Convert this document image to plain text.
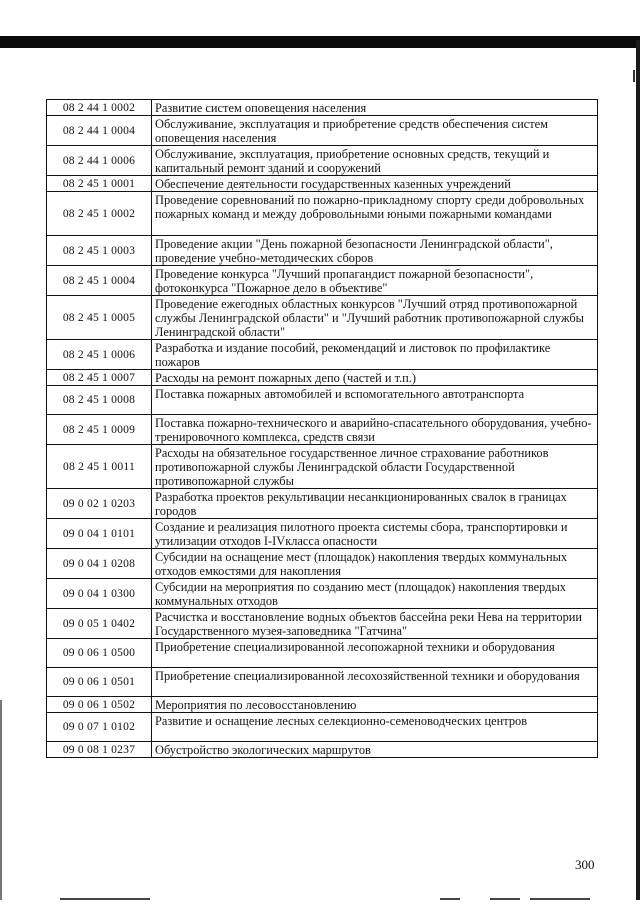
08 2 44 1 0002	Развитие систем оповещения населения
08 2 44 1 0004	Обслуживание, эксплуатация и приобретение средств обеспечения систем оповещения населения
08 2 44 1 0006	Обслуживание, эксплуатация, приобретение основных средств, текущий и капитальный ремонт зданий и сооружений
08 2 45 1 0001	Обеспечение деятельности государственных казенных учреждений
08 2 45 1 0002	Проведение соревнований по пожарно-прикладному спорту среди добровольных пожарных команд и между добровольными юными пожарными командами
08 2 45 1 0003	Проведение акции "День пожарной безопасности Ленинградской области", проведение учебно-методических сборов
08 2 45 1 0004	Проведение конкурса "Лучший пропагандист пожарной безопасности", фотоконкурса "Пожарное дело в объективе"
08 2 45 1 0005	Проведение ежегодных областных конкурсов "Лучший отряд противопожарной службы Ленинградской области" и "Лучший работник противопожарной службы Ленинградской области"
08 2 45 1 0006	Разработка и издание пособий, рекомендаций и листовок по профилактике пожаров
08 2 45 1 0007	Расходы на ремонт пожарных депо (частей и т.п.)
08 2 45 1 0008	Поставка пожарных автомобилей и вспомогательного автотранспорта
08 2 45 1 0009	Поставка пожарно-технического и аварийно-спасательного оборудования, учебно-тренировочного комплекса, средств связи
08 2 45 1 0011	Расходы на обязательное государственное личное страхование работников противопожарной службы Ленинградской области Государственной противопожарной службы
09 0 02 1 0203	Разработка проектов рекультивации несанкционированных свалок в границах городов
09 0 04 1 0101	Создание и реализация пилотного проекта системы сбора, транспортировки и утилизации отходов I-IVкласса опасности
09 0 04 1 0208	Субсидии на оснащение мест (площадок) накопления твердых коммунальных отходов емкостями для накопления
09 0 04 1 0300	Субсидии на мероприятия по созданию мест (площадок) накопления твердых коммунальных отходов
09 0 05 1 0402	Расчистка и восстановление водных объектов бассейна реки Нева на территории Государственного музея-заповедника "Гатчина"
09 0 06 1 0500	Приобретение специализированной лесопожарной техники и оборудования
09 0 06 1 0501	Приобретение специализированной лесохозяйственной техники и оборудования
09 0 06 1 0502	Мероприятия по лесовосстановлению
09 0 07 1 0102	Развитие и оснащение лесных селекционно-семеноводческих центров
09 0 08 1 0237	Обустройство экологических маршрутов
300
